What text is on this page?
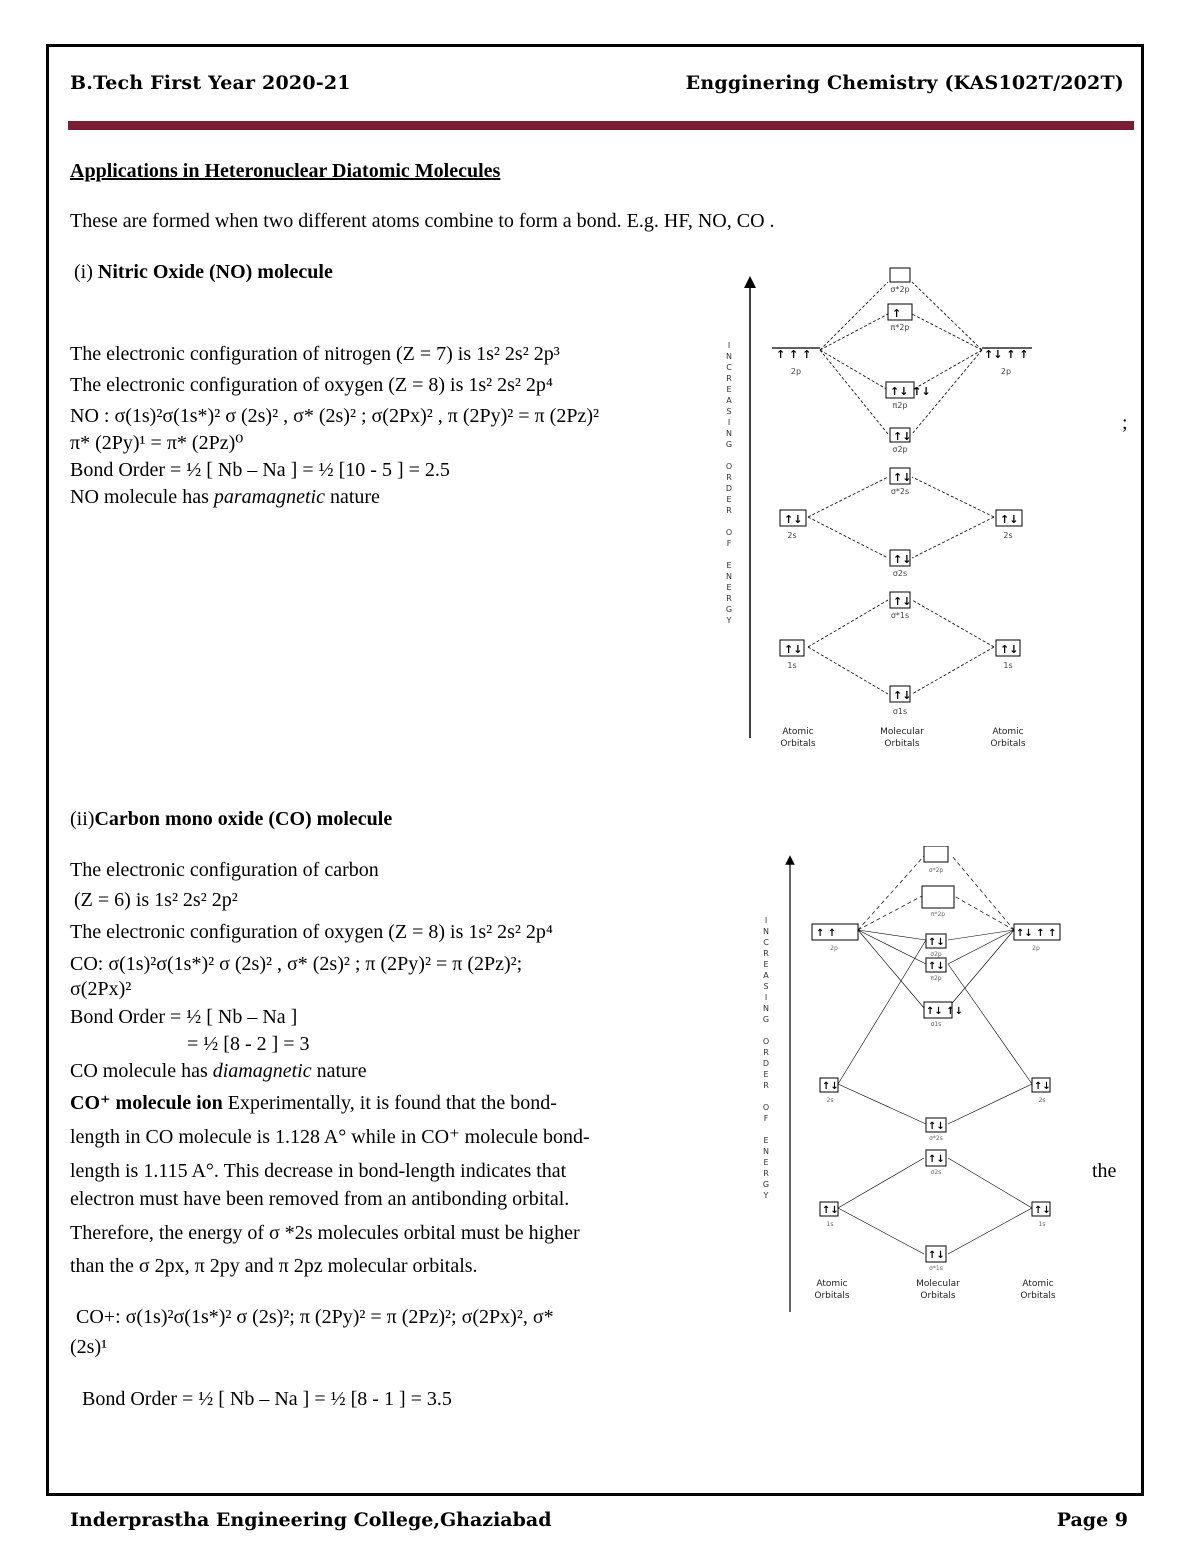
B.Tech First Year 2020-21	Engginering Chemistry (KAS102T/202T)
Applications in Heteronuclear Diatomic Molecules
These are formed when two different atoms combine to form a bond. E.g. HF, NO, CO .
(i) Nitric Oxide (NO) molecule
The electronic configuration of nitrogen (Z = 7) is 1s² 2s² 2p³
The electronic configuration of oxygen (Z = 8) is 1s² 2s² 2p⁴
NO : σ(1s)²σ(1s*)² σ (2s)² , σ* (2s)² ; σ(2Px)² , π (2Py)² = π (2Pz)²
π* (2Py)¹ = π* (2Pz)⁰
Bond Order = ½ [ Nb – Na ] = ½ [10 - 5 ] = 2.5
NO molecule has paramagnetic nature
;
I
N
C
R
E
A
S
I
N
G

O
R
D
E
R

O
F

E
N
E
R
G
Y
↑ ↑ ↑	↑↓ ↑ ↑
↑
↑↓ ↑↓
↑↓
↑↓
↑↓
↑↓
↑↓
↑↓	↑↓
↑↓	↑↓
σ*2p
π*2p
π2p
σ2p
σ*2s
σ2s
σ*1s
σ1s
2p	2p
2s	2s
1s	1s
Atomic
Orbitals
Molecular
Orbitals
Atomic
Orbitals
(ii)Carbon mono oxide (CO) molecule
The electronic configuration of carbon
(Z = 6) is 1s² 2s² 2p²
The electronic configuration of oxygen (Z = 8) is 1s² 2s² 2p⁴
CO: σ(1s)²σ(1s*)² σ (2s)² , σ* (2s)² ; π (2Py)² = π (2Pz)²;
σ(2Px)²
Bond Order = ½ [ Nb – Na ]
= ½ [8 - 2 ] = 3
CO molecule has diamagnetic nature
CO⁺ molecule ion Experimentally, it is found that the bond-
length in CO molecule is 1.128 A° while in CO⁺ molecule bond-
length is 1.115 A°. This decrease in bond-length indicates that	the
electron must have been removed from an antibonding orbital.
Therefore, the energy of σ *2s molecules orbital must be higher
than the σ 2px, π 2py and π 2pz molecular orbitals.
CO+: σ(1s)²σ(1s*)² σ (2s)²; π (2Py)² = π (2Pz)²; σ(2Px)², σ*
(2s)¹
Bond Order = ½ [ Nb – Na ] = ½ [8 - 1 ] = 3.5
I
N
C
R
E
A
S
I
N
G

O
R
D
E
R

O
F

E
N
E
R
G
Y
↑ ↑	↑↓ ↑ ↑
↑↓
↑↓
↑↓ ↑↓
↑↓
↑↓
↑↓
↑↓	↑↓
↑↓	↑↓
σ*2p
π*2p
σ2p
π2p
σ*2s
σ2s
σ*1s
σ1s
2p	2p
2s	2s
1s	1s
Atomic
Orbitals
Molecular
Orbitals
Atomic
Orbitals
Inderprastha Engineering College,Ghaziabad	Page 9
